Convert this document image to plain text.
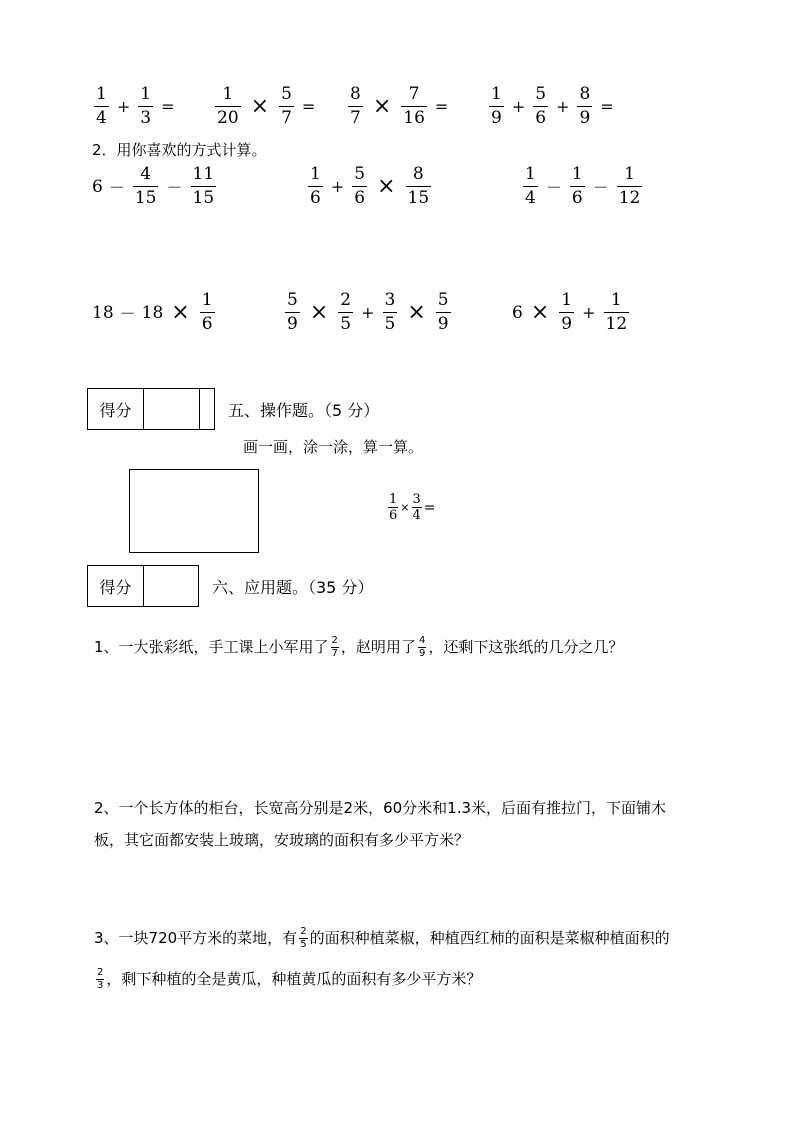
$\frac{1}{4} + \frac{1}{3} = \frac{1}{20} \times \frac{5}{7} = \frac{8}{7} \times \frac{7}{16} = \frac{1}{9} + \frac{5}{6} + \frac{8}{9}$ =
2．用你喜欢的方式计算。
$6 - \frac{4}{15} - \frac{11}{15}$	$\frac{1}{6} + \frac{5}{6} \times \frac{8}{15}$	$\frac{1}{4} - \frac{1}{6} - \frac{1}{12}$
$18 - 18 \times \frac{1}{6}$	$\frac{5}{9} \times \frac{2}{5} + \frac{3}{5} \times \frac{5}{9}$	$6 \times \frac{1}{9} + \frac{1}{12}$
得分	五、操作题。（5 分）
画一画，涂一涂，算一算。
$\frac{1}{6} \times \frac{3}{4}$ =
得分	六、应用题。（35 分）
1、一大张彩纸，手工课上小军用了 $\frac{2}{7}$ ，赵明用了 $\frac{4}{9}$ ，还剩下这张纸的几分之几？
2、一个长方体的柜台，长宽高分别是2米，60分米和1.3米，后面有推拉门，下面铺木
板，其它面都安装上玻璃，安玻璃的面积有多少平方米？
3、一块720平方米的菜地，有 $\frac{2}{5}$ 的面积种植菜椒，种植西红柿的面积是菜椒种植面积的
$\frac{2}{3}$ ，剩下种植的全是黄瓜，种植黄瓜的面积有多少平方米？
